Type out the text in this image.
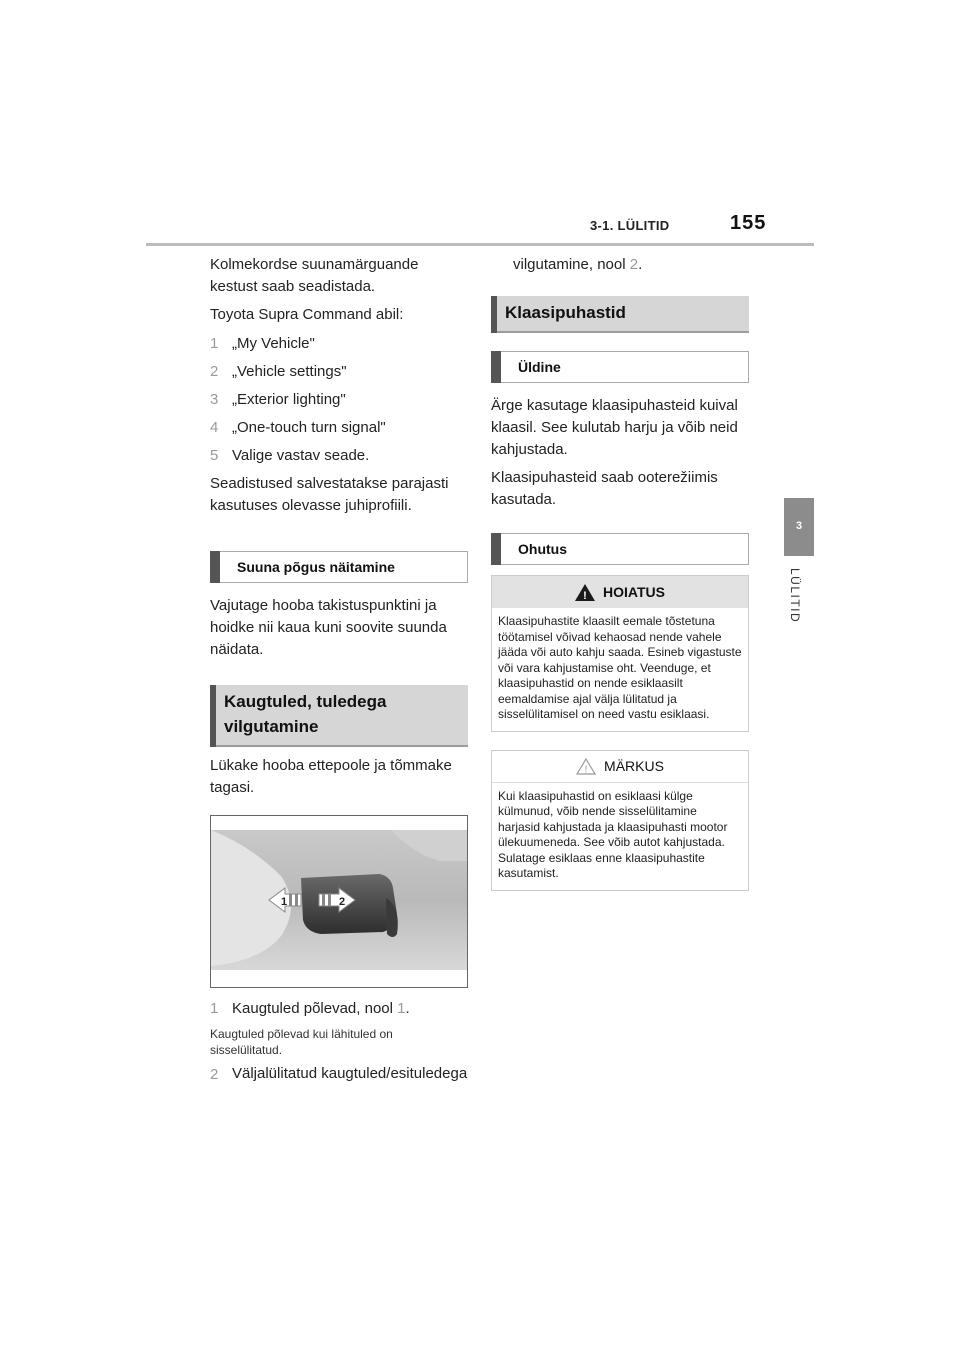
3-1. LÜLITID	155
3
LÜLITID

Kolmekordse suunamärguande kestust saab seadistada.

Toyota Supra Command abil:

1 „My Vehicle"
2 „Vehicle settings"
3 „Exterior lighting"
4 „One-touch turn signal"
5 Valige vastav seade.

Seadistused salvestatakse parajasti kasutuses olevasse juhiprofiili.

Suuna põgus näitamine

Vajutage hooba takistuspunktini ja hoidke nii kaua kuni soovite suunda näidata.

Kaugtuled, tuledega vilgutamine

Lükake hooba ettepoole ja tõmmake tagasi.

1	2
1 Kaugtuled põlevad, nool 1.

Kaugtuled põlevad kui lähituled on sisselülitatud.

2 Väljalülitatud kaugtuled/esituledega

vilgutamine, nool 2.

Klaasipuhastid
Üldine

Ärge kasutage klaasipuhasteid kuival klaasil. See kulutab harju ja võib neid kahjustada.

Klaasipuhasteid saab ooterežiimis kasutada.

Ohutus
! HOIATUS
Klaasipuhastite klaasilt eemale tõstetuna töötamisel võivad kehaosad nende vahele jääda või auto kahju saada. Esineb vigastuste või vara kahjustamise oht. Veenduge, et klaasipuhastid on nende esiklaasilt eemaldamise ajal välja lülitatud ja sisselülitamisel on need vastu esiklaasi.
! MÄRKUS
Kui klaasipuhastid on esiklaasi külge külmunud, võib nende sisselülitamine harjasid kahjustada ja klaasipuhasti mootor ülekuumeneda. See võib autot kahjustada. Sulatage esiklaas enne klaasipuhastite kasutamist.
